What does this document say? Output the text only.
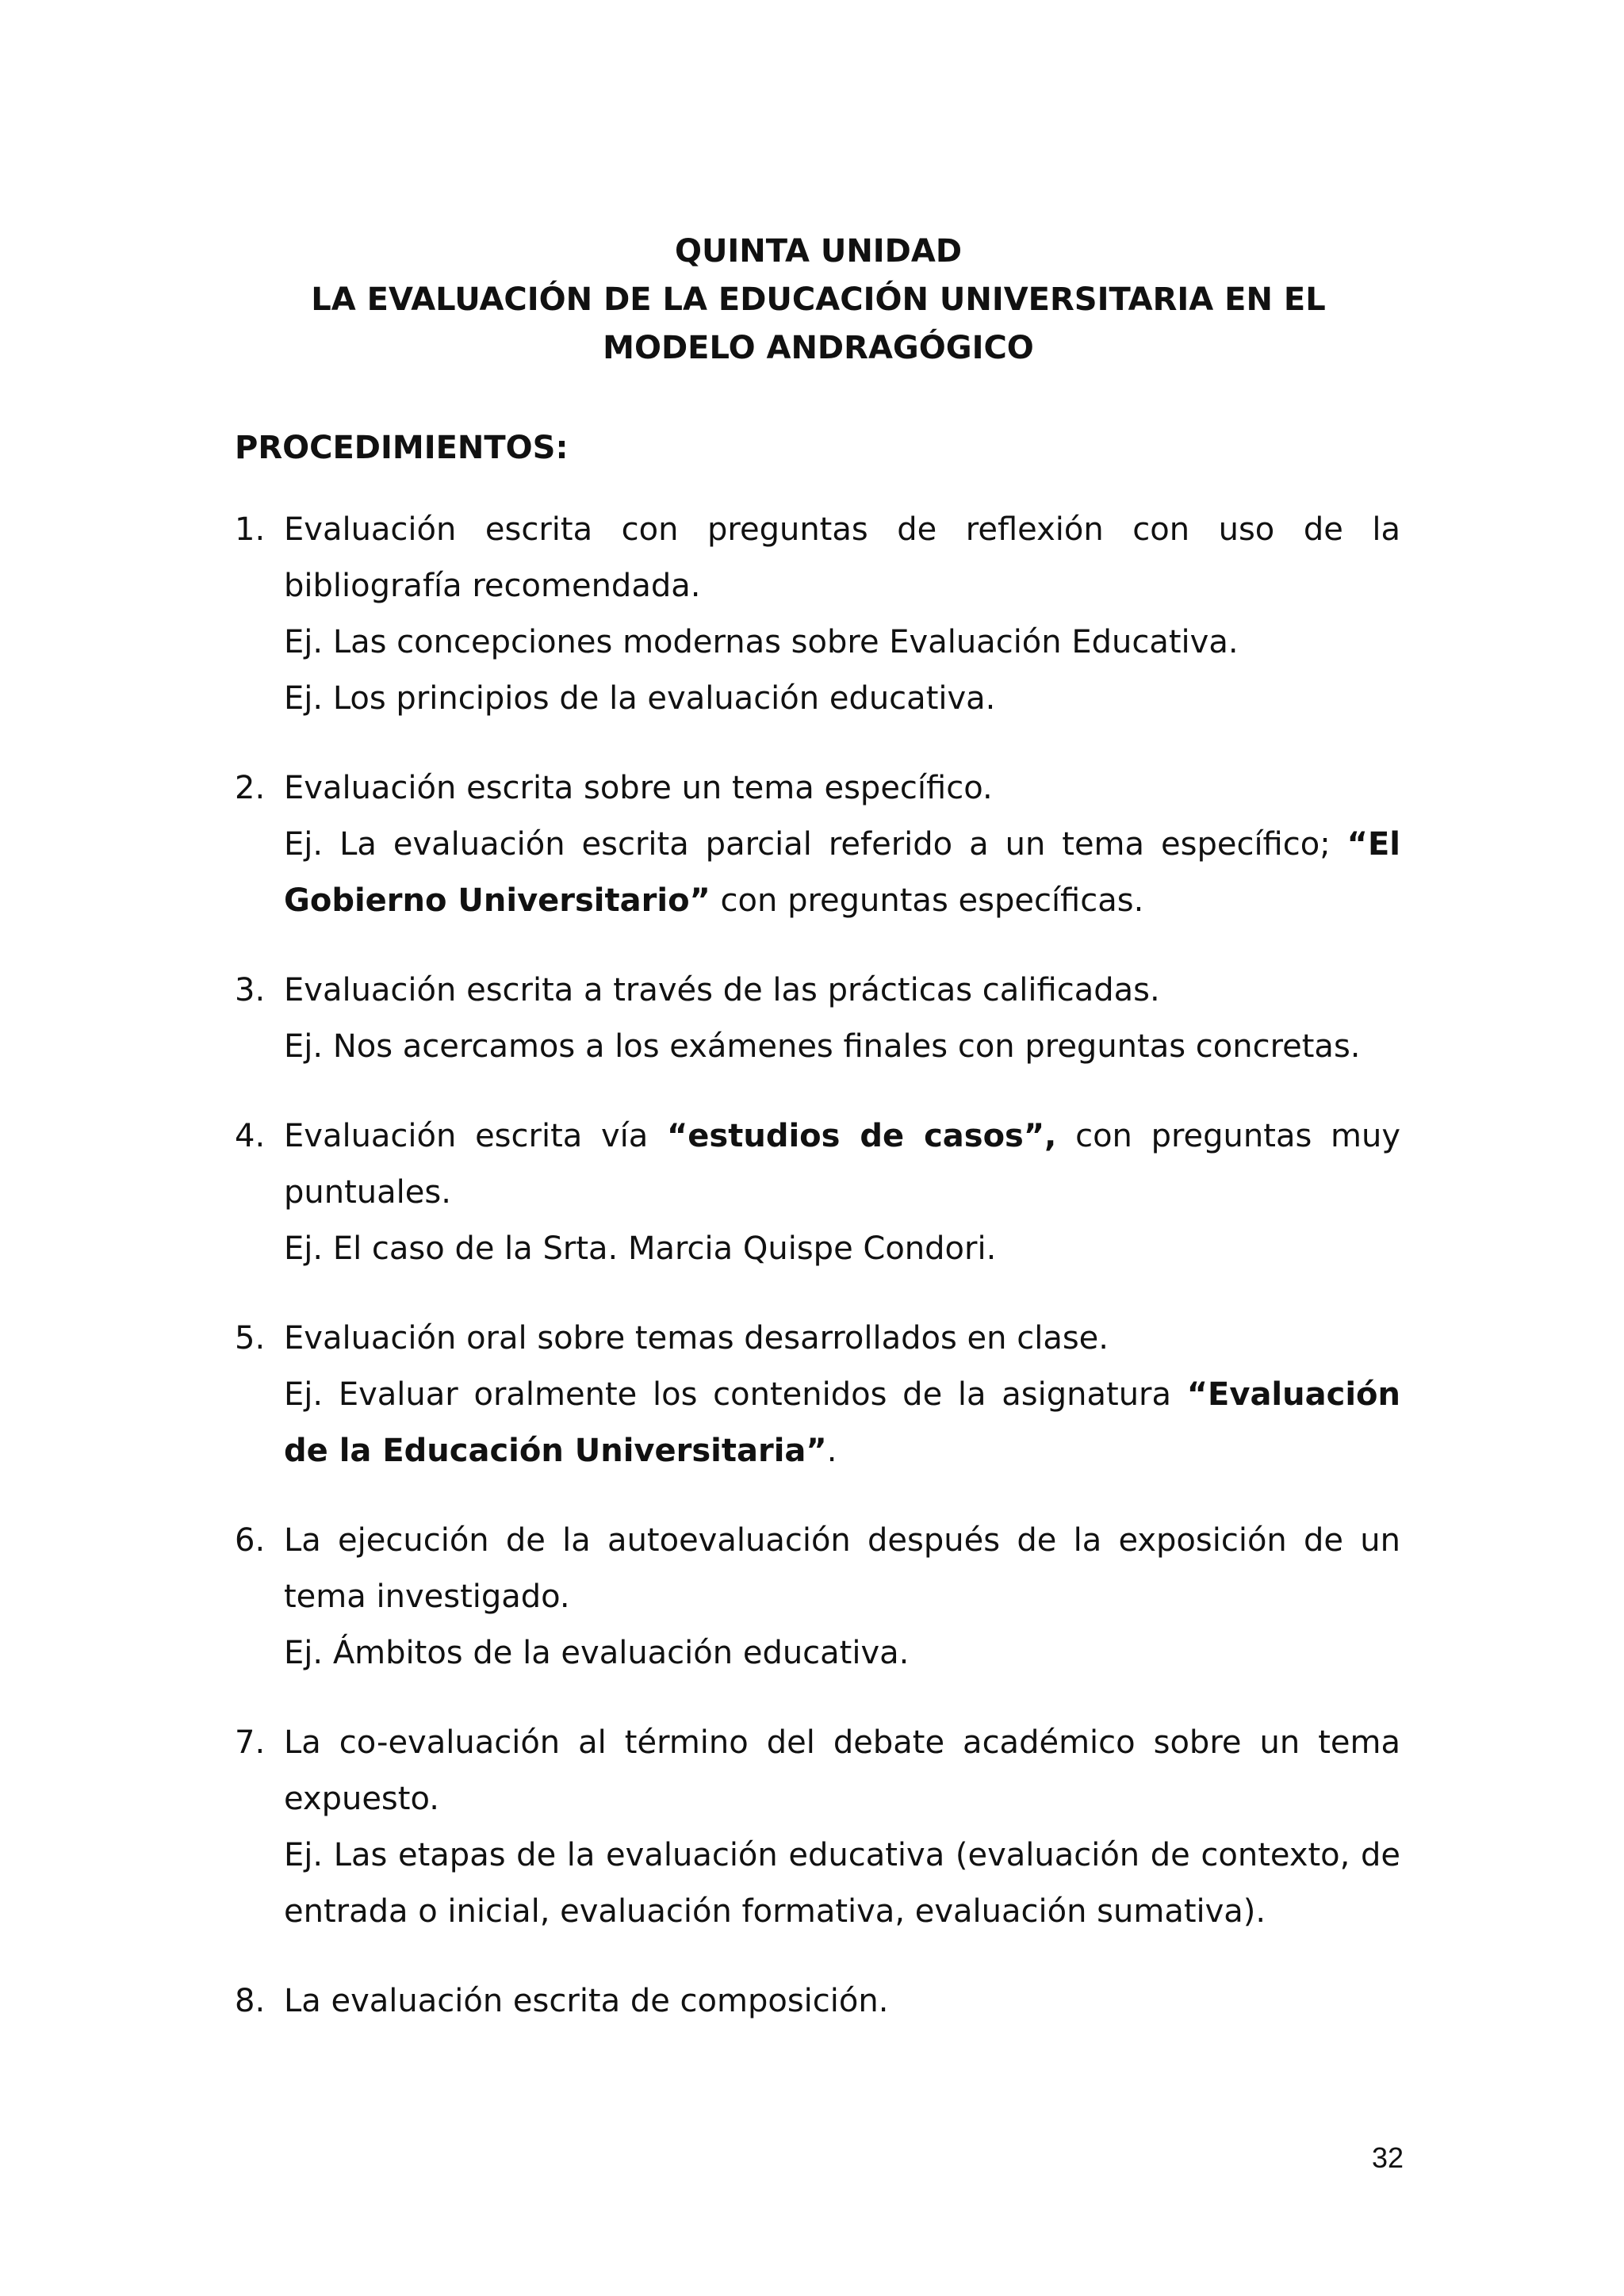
QUINTA UNIDAD
LA EVALUACIÓN DE LA EDUCACIÓN UNIVERSITARIA EN EL
MODELO ANDRAGÓGICO
PROCEDIMIENTOS:
1. Evaluación escrita con preguntas de reflexión con uso de la bibliografía recomendada.
Ej. Las concepciones modernas sobre Evaluación Educativa.
Ej. Los principios de la evaluación educativa.
2. Evaluación escrita sobre un tema específico.
Ej. La evaluación escrita parcial referido a un tema específico; “El Gobierno Universitario” con preguntas específicas.
3. Evaluación escrita a través de las prácticas calificadas.
Ej. Nos acercamos a los exámenes finales con preguntas concretas.
4. Evaluación escrita vía “estudios de casos”, con preguntas muy puntuales.
Ej. El caso de la Srta. Marcia Quispe Condori.
5. Evaluación oral sobre temas desarrollados en clase.
Ej. Evaluar oralmente los contenidos de la asignatura “Evaluación de la Educación Universitaria”.
6. La ejecución de la autoevaluación después de la exposición de un tema investigado.
Ej. Ámbitos de la evaluación educativa.
7. La co-evaluación al término del debate académico sobre un tema expuesto.
Ej. Las etapas de la evaluación educativa (evaluación de contexto, de entrada o inicial, evaluación formativa, evaluación sumativa).
8. La evaluación escrita de composición.
32
